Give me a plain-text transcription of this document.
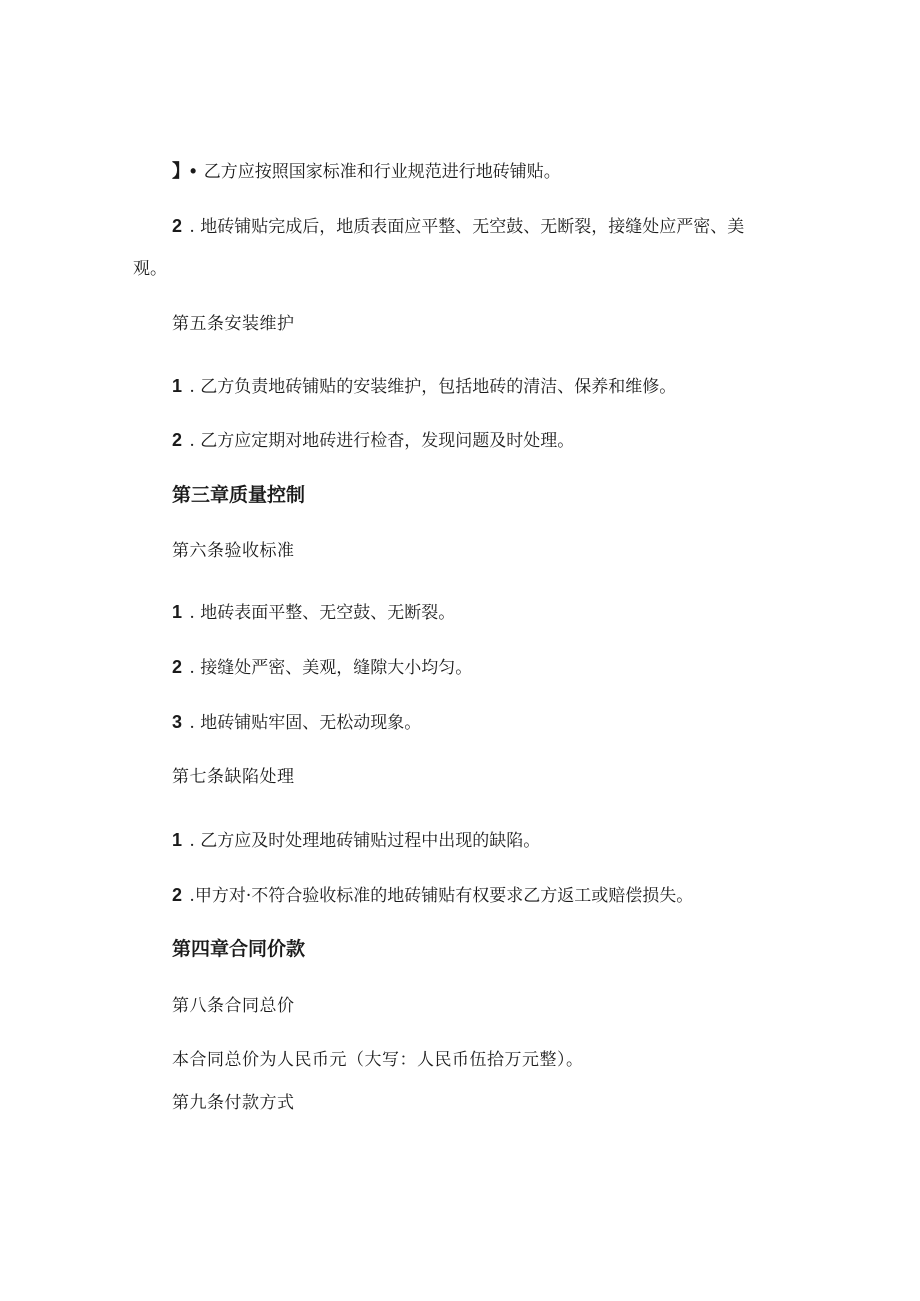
】• 乙方应按照国家标准和行业规范进行地砖铺贴。
2 . 地砖铺贴完成后，地质表面应平整、无空鼓、无断裂，接缝处应严密、美
观。
第五条安装维护
1 . 乙方负责地砖铺贴的安装维护，包括地砖的清洁、保养和维修。
2 . 乙方应定期对地砖进行检杳，发现问题及时处理。
第三章质量控制
第六条验收标准
1 . 地砖表面平整、无空鼓、无断裂。
2 . 接缝处严密、美观，缝隙大小均匀。
3 . 地砖铺贴牢固、无松动现象。
第七条缺陷处理
1 . 乙方应及时处理地砖铺贴过程中出现的缺陷。
2 .甲方对·不符合验收标准的地砖铺贴有权要求乙方返工或赔偿损失。
第四章合同价款
第八条合同总价
本合同总价为人民币元（大写：人民币伍拾万元整）。
第九条付款方式
